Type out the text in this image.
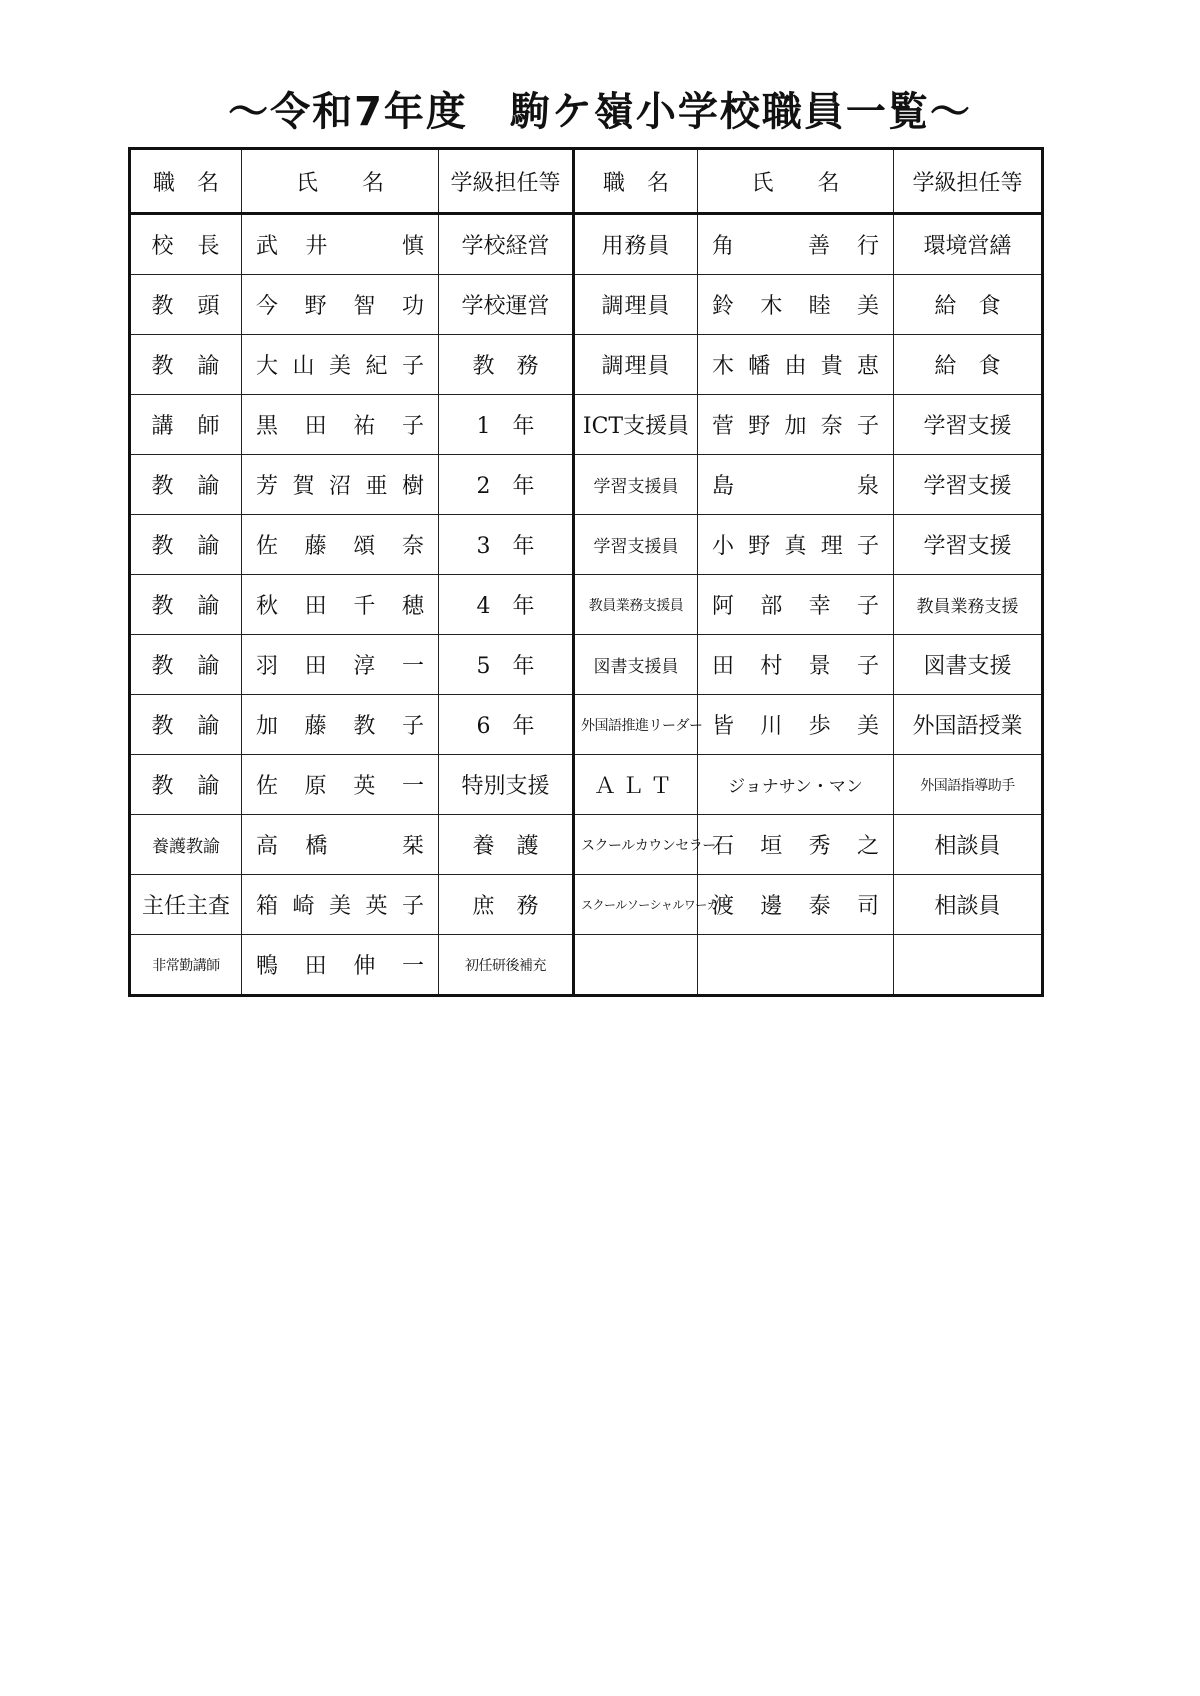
～令和7年度　駒ケ嶺小学校職員一覧～
職　名	氏　　名	学級担任等	職　名	氏　　名	学級担任等
校　長	武 井　　慎	学校経営	用務員	角　　善 行	環境営繕
教　頭	今 野 智 功	学校運営	調理員	鈴 木 睦 美	給　食
教　諭	大山美紀子	教　務	調理員	木幡由貴恵	給　食
講　師	黒 田 祐 子	1　年	ICT支援員	菅野加奈子	学習支援
教　諭	芳賀沼亜樹	2　年	学習支援員	島　　　泉	学習支援
教　諭	佐 藤 頌 奈	3　年	学習支援員	小野真理子	学習支援
教　諭	秋 田 千 穂	4　年	教員業務支援員	阿 部 幸 子	教員業務支援
教　諭	羽 田 淳 一	5　年	図書支援員	田 村 景 子	図書支援
教　諭	加 藤 教 子	6　年	外国語推進リーダー	皆 川 歩 美	外国語授業
教　諭	佐 原 英 一	特別支援	ＡＬＴ	ジョナサン・マン	外国語指導助手
養護教諭	高 橋　　栞	養　護	スクールカウンセラー	石 垣 秀 之	相談員
主任主査	箱崎美英子	庶　務	スクールソーシャルワーカー	渡 邊 泰 司	相談員
非常勤講師	鴨 田 伸 一	初任研後補充			
